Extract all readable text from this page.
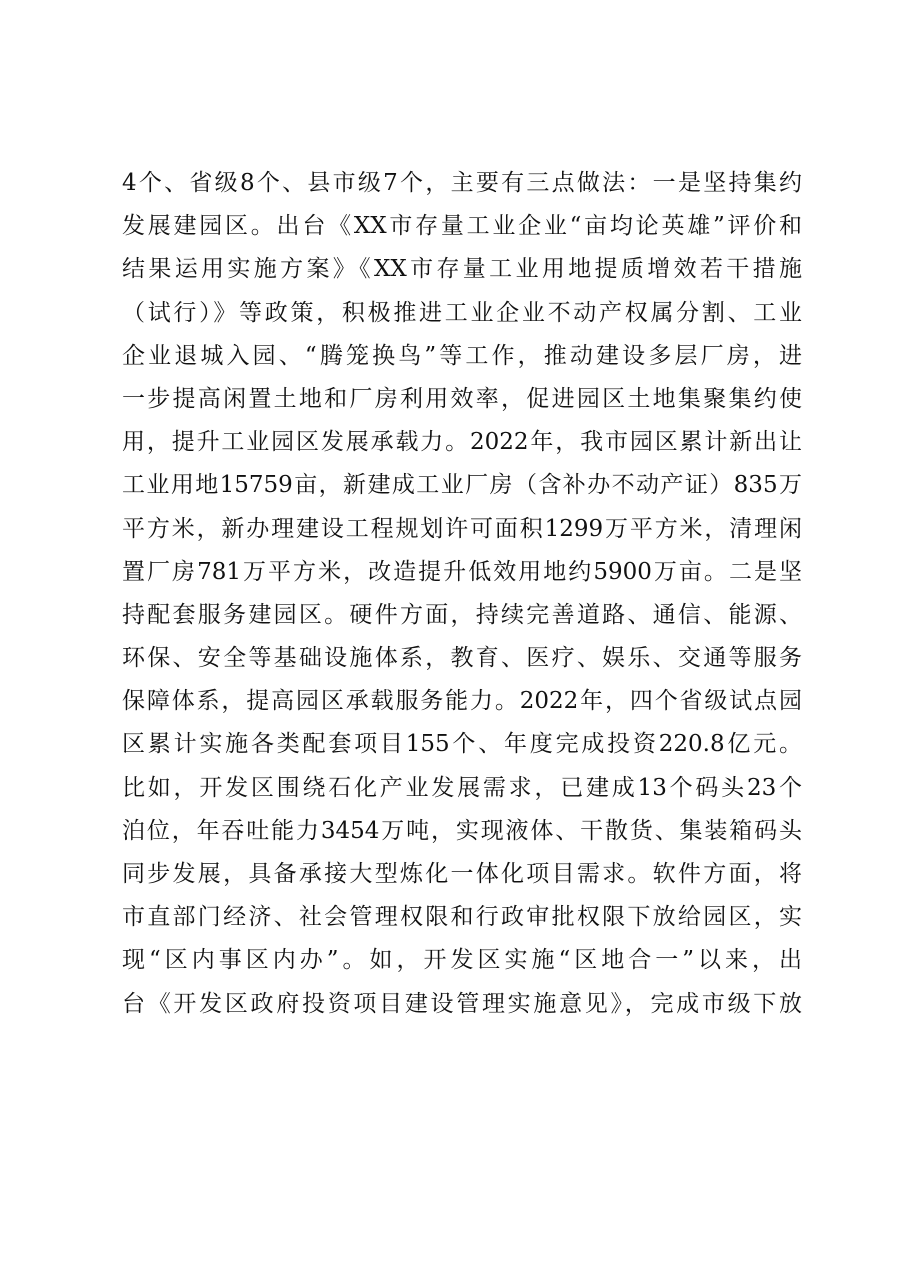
4个、省级8个、县市级7个，主要有三点做法：一是坚持集约
发展建园区。出台《XX市存量工业企业“亩均论英雄”评价和
结果运用实施方案》《XX市存量工业用地提质增效若干措施
（试行）》等政策，积极推进工业企业不动产权属分割、工业
企业退城入园、“腾笼换鸟”等工作，推动建设多层厂房，进
一步提高闲置土地和厂房利用效率，促进园区土地集聚集约使
用，提升工业园区发展承载力。2022年，我市园区累计新出让
工业用地15759亩，新建成工业厂房（含补办不动产证）835万
平方米，新办理建设工程规划许可面积1299万平方米，清理闲
置厂房781万平方米，改造提升低效用地约5900万亩。二是坚
持配套服务建园区。硬件方面，持续完善道路、通信、能源、
环保、安全等基础设施体系，教育、医疗、娱乐、交通等服务
保障体系，提高园区承载服务能力。2022年，四个省级试点园
区累计实施各类配套项目155个、年度完成投资220.8亿元。
比如，开发区围绕石化产业发展需求，已建成13个码头23个
泊位，年吞吐能力3454万吨，实现液体、干散货、集装箱码头
同步发展，具备承接大型炼化一体化项目需求。软件方面，将
市直部门经济、社会管理权限和行政审批权限下放给园区，实
现“区内事区内办”。如，开发区实施“区地合一”以来，出
台《开发区政府投资项目建设管理实施意见》，完成市级下放
